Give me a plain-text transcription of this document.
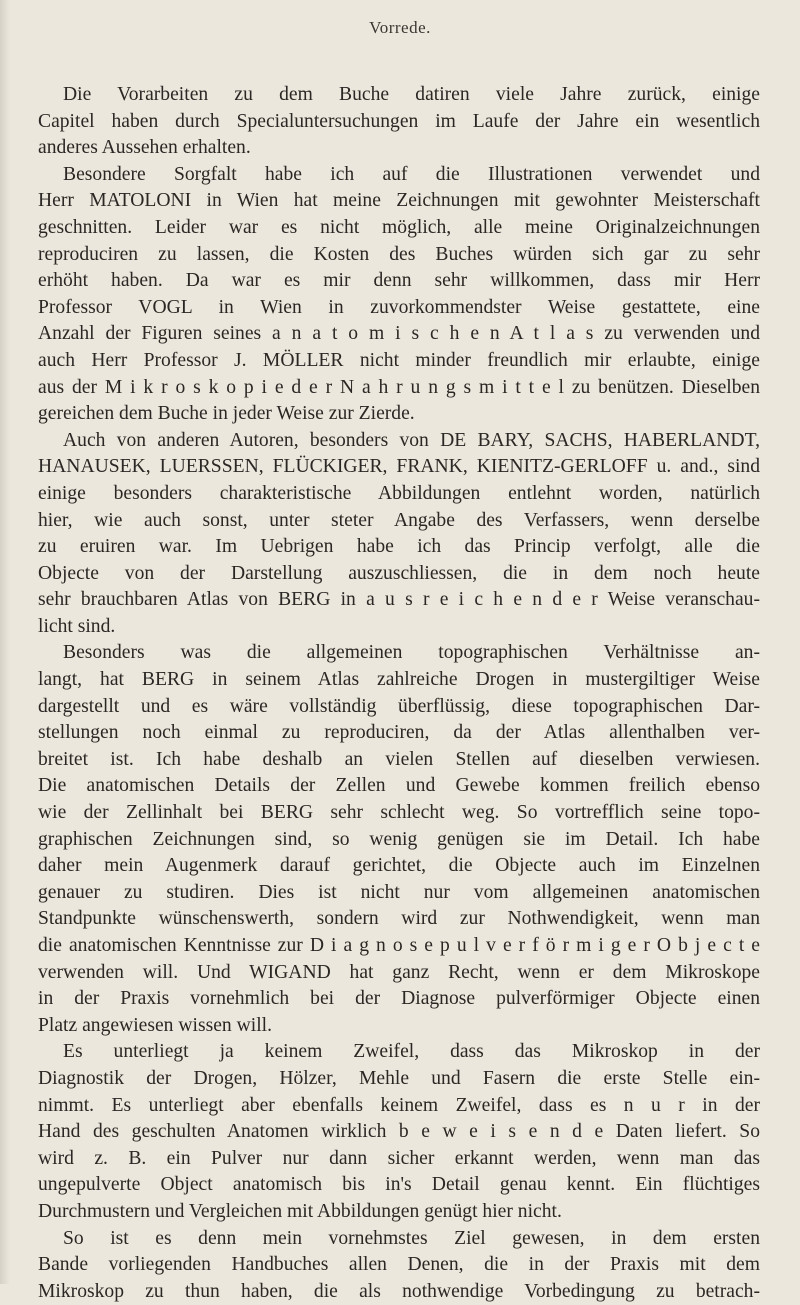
Vorrede.
Die Vorarbeiten zu dem Buche datiren viele Jahre zurück, einige
Capitel haben durch Specialuntersuchungen im Laufe der Jahre ein wesentlich
anderes Aussehen erhalten.
Besondere Sorgfalt habe ich auf die Illustrationen verwendet und
Herr MATOLONI in Wien hat meine Zeichnungen mit gewohnter Meisterschaft
geschnitten. Leider war es nicht möglich, alle meine Originalzeichnungen
reproduciren zu lassen, die Kosten des Buches würden sich gar zu sehr
erhöht haben. Da war es mir denn sehr willkommen, dass mir Herr
Professor VOGL in Wien in zuvorkommendster Weise gestattete, eine
Anzahl der Figuren seines a n a t o m i s c h e n A t l a s zu verwenden und
auch Herr Professor J. MÖLLER nicht minder freundlich mir erlaubte, einige
aus der M i k r o s k o p i e d e r N a h r u n g s m i t t e l zu benützen. Dieselben
gereichen dem Buche in jeder Weise zur Zierde.
Auch von anderen Autoren, besonders von DE BARY, SACHS, HABERLANDT,
HANAUSEK, LUERSSEN, FLÜCKIGER, FRANK, KIENITZ-GERLOFF u. and., sind
einige besonders charakteristische Abbildungen entlehnt worden, natürlich
hier, wie auch sonst, unter steter Angabe des Verfassers, wenn derselbe
zu eruiren war. Im Uebrigen habe ich das Princip verfolgt, alle die
Objecte von der Darstellung auszuschliessen, die in dem noch heute
sehr brauchbaren Atlas von BERG in a u s r e i c h e n d e r Weise veranschau-
licht sind.
Besonders was die allgemeinen topographischen Verhältnisse an-
langt, hat BERG in seinem Atlas zahlreiche Drogen in mustergiltiger Weise
dargestellt und es wäre vollständig überflüssig, diese topographischen Dar-
stellungen noch einmal zu reproduciren, da der Atlas allenthalben ver-
breitet ist. Ich habe deshalb an vielen Stellen auf dieselben verwiesen.
Die anatomischen Details der Zellen und Gewebe kommen freilich ebenso
wie der Zellinhalt bei BERG sehr schlecht weg. So vortrefflich seine topo-
graphischen Zeichnungen sind, so wenig genügen sie im Detail. Ich habe
daher mein Augenmerk darauf gerichtet, die Objecte auch im Einzelnen
genauer zu studiren. Dies ist nicht nur vom allgemeinen anatomischen
Standpunkte wünschenswerth, sondern wird zur Nothwendigkeit, wenn man
die anatomischen Kenntnisse zur D i a g n o s e p u l v e r f ö r m i g e r O b j e c t e
verwenden will. Und WIGAND hat ganz Recht, wenn er dem Mikroskope
in der Praxis vornehmlich bei der Diagnose pulverförmiger Objecte einen
Platz angewiesen wissen will.
Es unterliegt ja keinem Zweifel, dass das Mikroskop in der
Diagnostik der Drogen, Hölzer, Mehle und Fasern die erste Stelle ein-
nimmt. Es unterliegt aber ebenfalls keinem Zweifel, dass es n u r in der
Hand des geschulten Anatomen wirklich b e w e i s e n d e Daten liefert. So
wird z. B. ein Pulver nur dann sicher erkannt werden, wenn man das
ungepulverte Object anatomisch bis in's Detail genau kennt. Ein flüchtiges
Durchmustern und Vergleichen mit Abbildungen genügt hier nicht.
So ist es denn mein vornehmstes Ziel gewesen, in dem ersten
Bande vorliegenden Handbuches allen Denen, die in der Praxis mit dem
Mikroskop zu thun haben, die als nothwendige Vorbedingung zu betrach-
